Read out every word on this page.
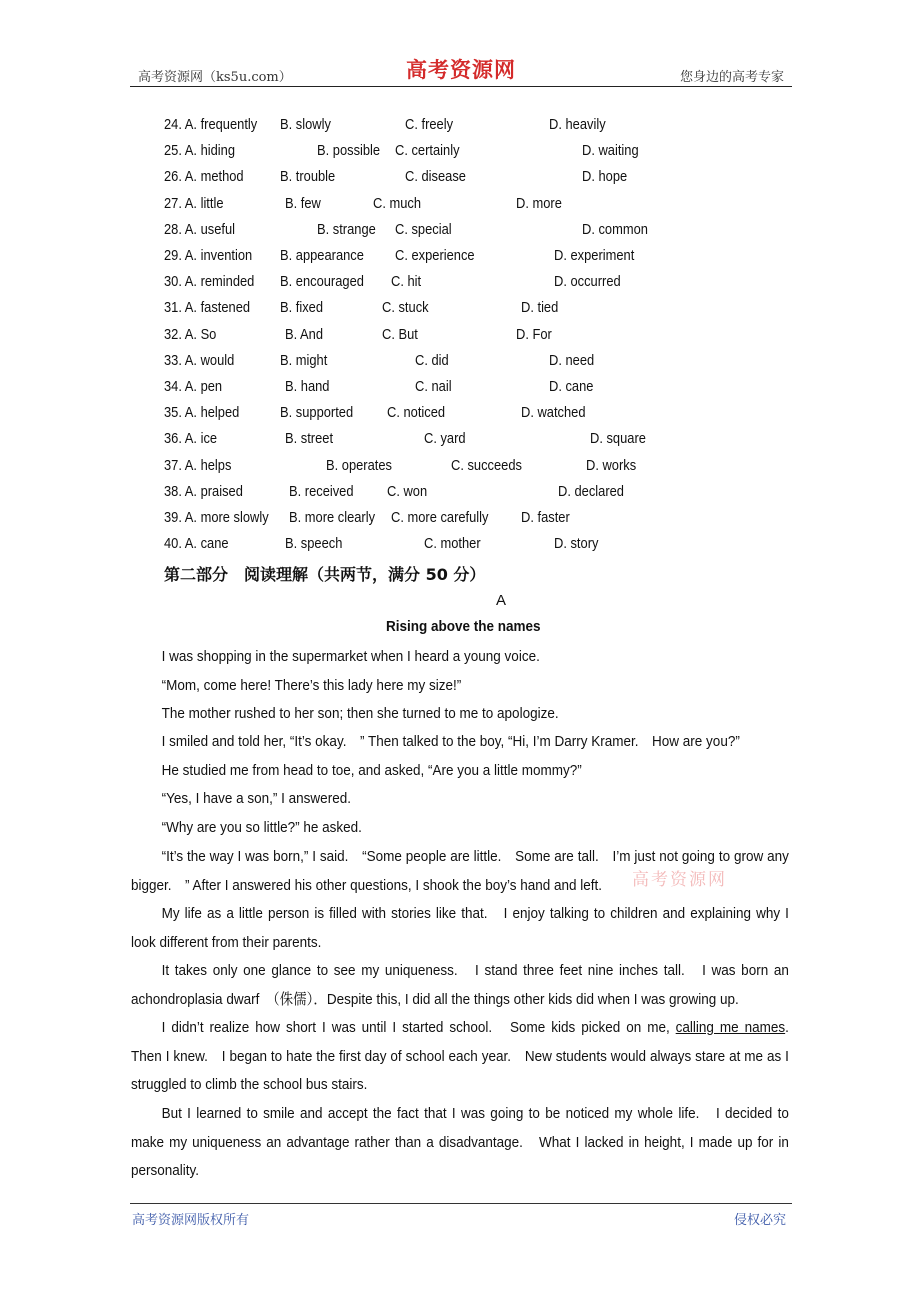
高考资源网（ks5u.com）	高考资源网	您身边的高考专家
24. A. frequently B. slowly	C. freely	D. heavily
25. A. hiding	B. possible C. certainly	D. waiting
26. A. method B. trouble	C. disease	D. hope
27. A. little	B. few	C. much	D. more
28. A. useful	B. strange C. special	D. common
29. A. invention B. appearance C. experience	D. experiment
30. A. reminded B. encouraged C. hit	D. occurred
31. A. fastened B. fixed	C. stuck	D. tied
32. A. So	B. And	C. But	D. For
33. A. would	B. might	C. did	D. need
34. A. pen	B. hand	C. nail	D. cane
35. A. helped	B. supported C. noticed	D. watched
36. A. ice	B. street	C. yard	D. square
37. A. helps	B. operates	C. succeeds	D. works
38. A. praised	B. received C. won	D. declared
39. A. more slowly B. more clearly C. more carefully D. faster
40. A. cane	B. speech	C. mother	D. story
第二部分　阅读理解（共两节，满分 50 分）
A
Rising above the names
I was shopping in the supermarket when I heard a young voice.
“Mom, come here! There’s this lady here my size!”
The mother rushed to her son; then she turned to me to apologize.
I smiled and told her, “It’s okay.　” Then talked to the boy, “Hi, I’m Darry Kramer.　How are you?”
He studied me from head to toe, and asked, “Are you a little mommy?”
“Yes, I have a son,” I answered.
“Why are you so little?” he asked.
“It’s the way I was born,” I said.　“Some people are little.　Some are tall.　I’m just not going to grow any bigger.　” After I answered his other questions, I shook the boy’s hand and left.
My life as a little person is filled with stories like that.　I enjoy talking to children and explaining why I look different from their parents.
It takes only one glance to see my uniqueness.　I stand three feet nine inches tall.　I was born an achondroplasia dwarf　（侏儒）．Despite this, I did all the things other kids did when I was growing up.
I didn’t realize how short I was until I started school.　Some kids picked on me, calling me names.　Then I knew.　I began to hate the first day of school each year.　New students would always stare at me as I struggled to climb the school bus stairs.
But I learned to smile and accept the fact that I was going to be noticed my whole life.　I decided to make my uniqueness an advantage rather than a disadvantage.　What I lacked in height, I made up for in personality.
高考资源网
高考资源网版权所有	侵权必究
